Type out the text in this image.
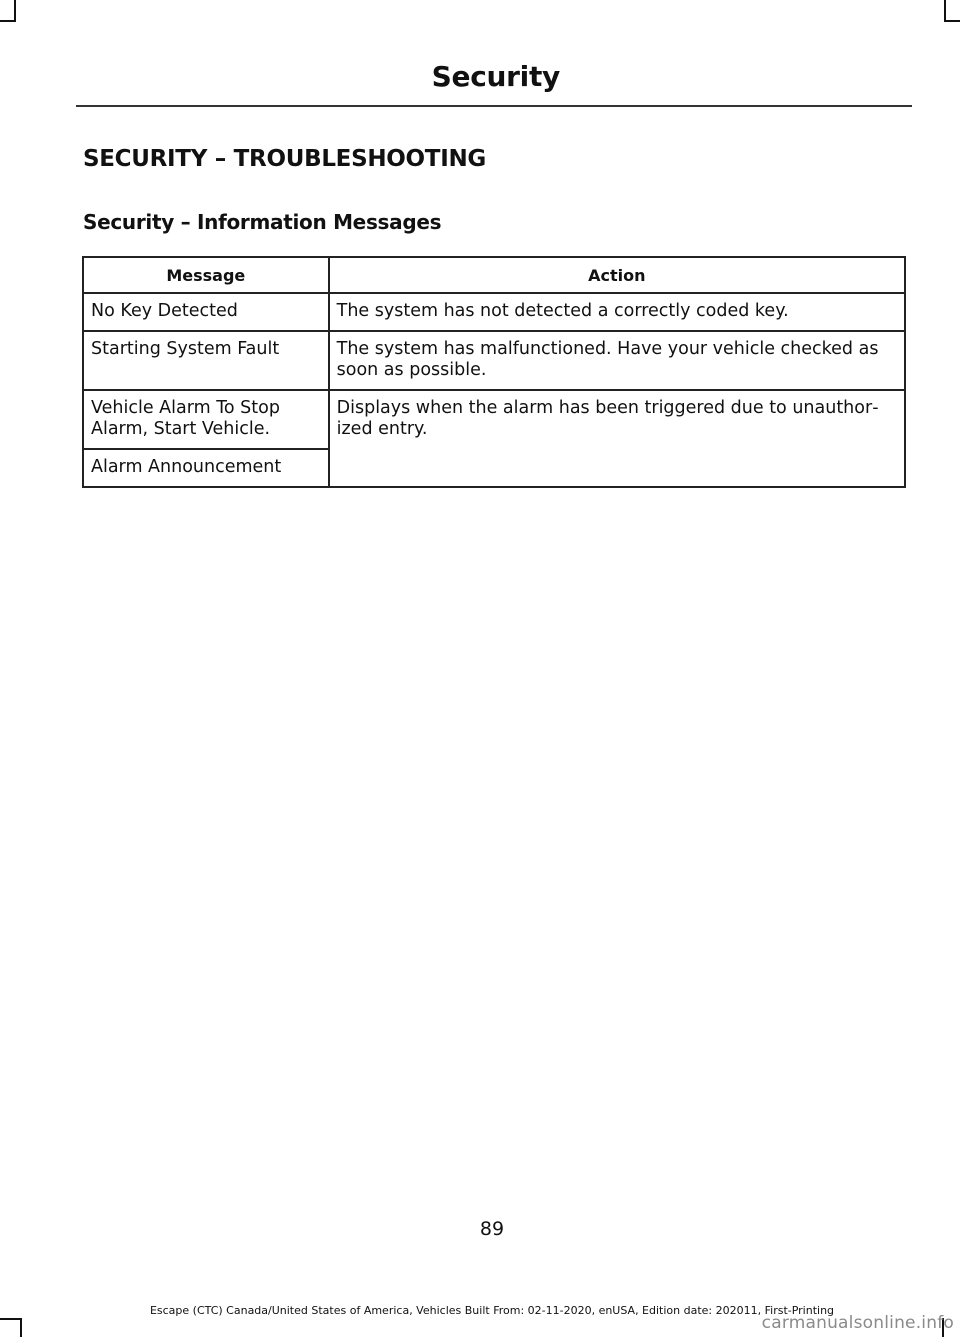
Security
SECURITY – TROUBLESHOOTING
Security – Information Messages
Message	Action
No Key Detected	The system has not detected a correctly coded key.
Starting System Fault	The system has malfunctioned. Have your vehicle checked as soon as possible.
Vehicle Alarm To Stop Alarm, Start Vehicle.	Displays when the alarm has been triggered due to unauthorized entry.
Alarm Announcement	
89
Escape (CTC) Canada/United States of America, Vehicles Built From: 02-11-2020, enUSA, Edition date: 202011, First-Printing
carmanualsonline.info
